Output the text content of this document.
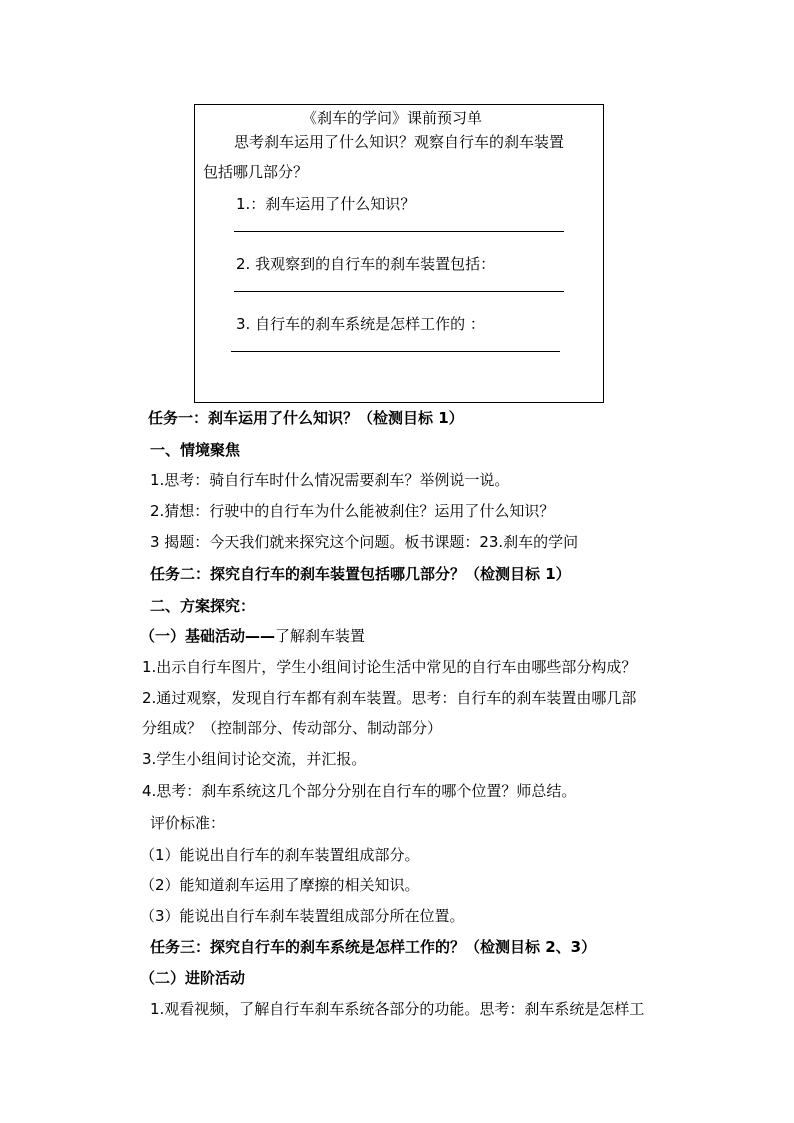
《刹车的学问》课前预习单
思考刹车运用了什么知识？观察自行车的刹车装置
包括哪几部分？
1.：刹车运用了什么知识？
2. 我观察到的自行车的刹车装置包括：
3. 自行车的刹车系统是怎样工作的 ：
任务一：刹车运用了什么知识？（检测目标 1）
一、情境聚焦
1.思考：骑自行车时什么情况需要刹车？举例说一说。
2.猜想：行驶中的自行车为什么能被刹住？运用了什么知识？
3 揭题：今天我们就来探究这个问题。板书课题：23.刹车的学问
任务二：探究自行车的刹车装置包括哪几部分？（检测目标 1）
二、方案探究：
（一）基础活动——了解刹车装置
1.出示自行车图片，学生小组间讨论生活中常见的自行车由哪些部分构成？
2.通过观察，发现自行车都有刹车装置。思考：自行车的刹车装置由哪几部
分组成？（控制部分、传动部分、制动部分）
3.学生小组间讨论交流，并汇报。
4.思考：刹车系统这几个部分分别在自行车的哪个位置？师总结。
评价标准：
（1）能说出自行车的刹车装置组成部分。
（2）能知道刹车运用了摩擦的相关知识。
（3）能说出自行车刹车装置组成部分所在位置。
任务三：探究自行车的刹车系统是怎样工作的？（检测目标 2、3）
（二）进阶活动
1.观看视频，了解自行车刹车系统各部分的功能。思考：刹车系统是怎样工
